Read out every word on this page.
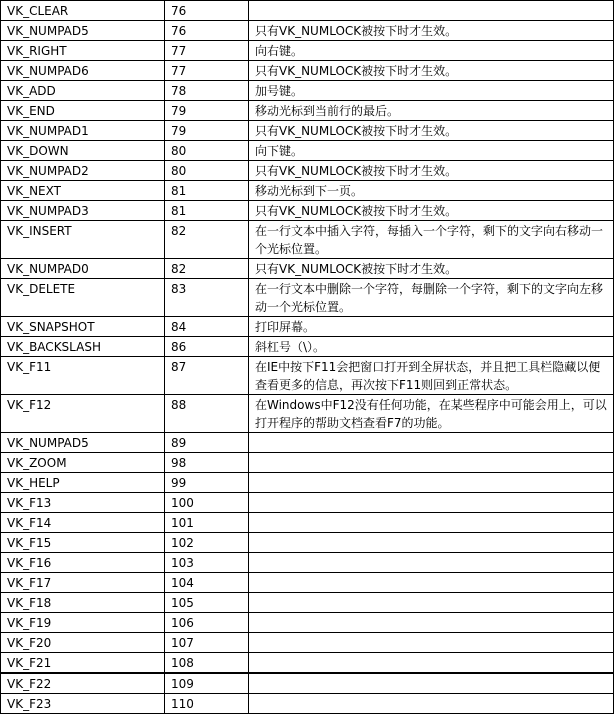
VK_CLEAR	76	
VK_NUMPAD5	76	只有VK_NUMLOCK被按下时才生效。
VK_RIGHT	77	向右键。
VK_NUMPAD6	77	只有VK_NUMLOCK被按下时才生效。
VK_ADD	78	加号键。
VK_END	79	移动光标到当前行的最后。
VK_NUMPAD1	79	只有VK_NUMLOCK被按下时才生效。
VK_DOWN	80	向下键。
VK_NUMPAD2	80	只有VK_NUMLOCK被按下时才生效。
VK_NEXT	81	移动光标到下一页。
VK_NUMPAD3	81	只有VK_NUMLOCK被按下时才生效。
VK_INSERT	82	在一行文本中插入字符，每插入一个字符，剩下的文字向右移动一个光标位置。
VK_NUMPAD0	82	只有VK_NUMLOCK被按下时才生效。
VK_DELETE	83	在一行文本中删除一个字符，每删除一个字符，剩下的文字向左移动一个光标位置。
VK_SNAPSHOT	84	打印屏幕。
VK_BACKSLASH	86	斜杠号（\）。
VK_F11	87	在IE中按下F11会把窗口打开到全屏状态，并且把工具栏隐藏以便查看更多的信息，再次按下F11则回到正常状态。
VK_F12	88	在Windows中F12没有任何功能，在某些程序中可能会用上，可以打开程序的帮助文档查看F7的功能。
VK_NUMPAD5	89	
VK_ZOOM	98	
VK_HELP	99	
VK_F13	100	
VK_F14	101	
VK_F15	102	
VK_F16	103	
VK_F17	104	
VK_F18	105	
VK_F19	106	
VK_F20	107	
VK_F21	108	
VK_F22	109	
VK_F23	110	
